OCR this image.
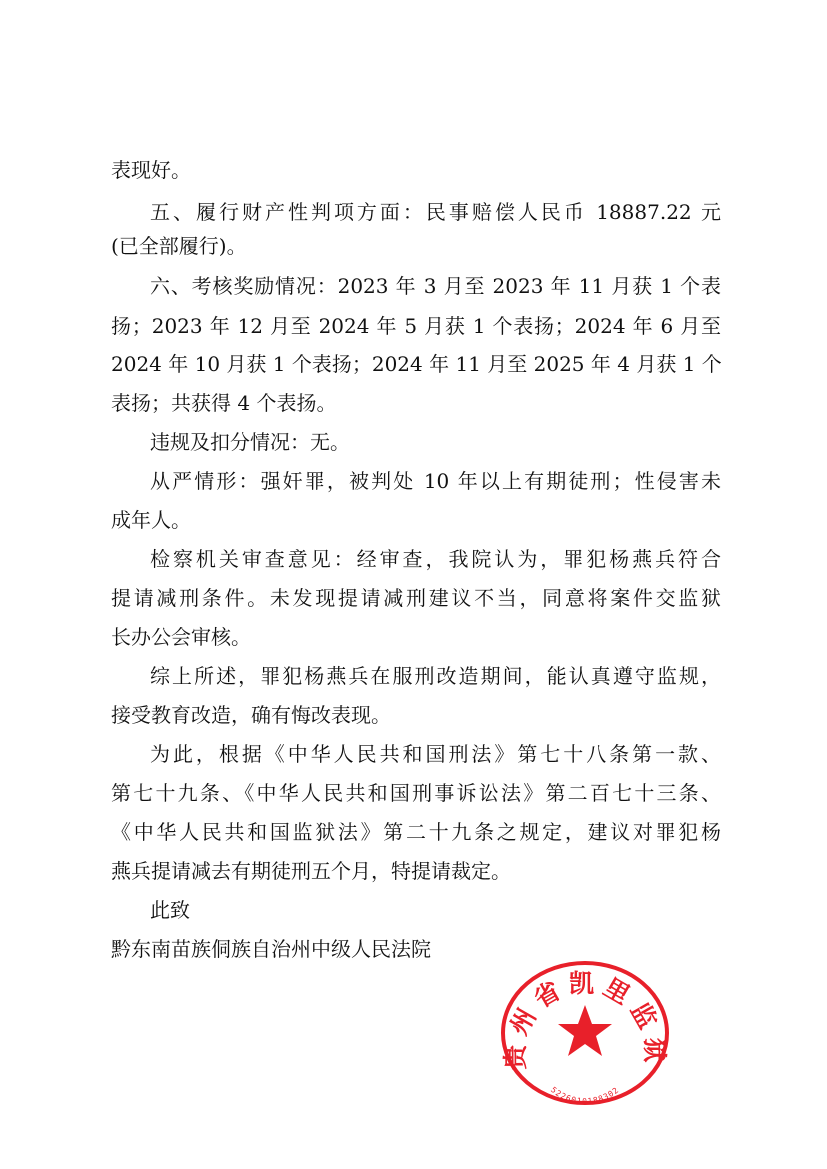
表现好。
五、履行财产性判项方面：民事赔偿人民币 18887.22 元
(已全部履行)。
六、考核奖励情况：2023 年 3 月至 2023 年 11 月获 1 个表
扬；2023 年 12 月至 2024 年 5 月获 1 个表扬；2024 年 6 月至
2024 年 10 月获 1 个表扬；2024 年 11 月至 2025 年 4 月获 1 个
表扬；共获得 4 个表扬。
违规及扣分情况：无。
从严情形：强奸罪，被判处 10 年以上有期徒刑；性侵害未
成年人。
检察机关审查意见：经审查，我院认为，罪犯杨燕兵符合
提请减刑条件。未发现提请减刑建议不当，同意将案件交监狱
长办公会审核。
综上所述，罪犯杨燕兵在服刑改造期间，能认真遵守监规，
接受教育改造，确有悔改表现。
为此，根据《中华人民共和国刑法》第七十八条第一款、
第七十九条、《中华人民共和国刑事诉讼法》第二百七十三条、
《中华人民共和国监狱法》第二十九条之规定，建议对罪犯杨
燕兵提请减去有期徒刑五个月，特提请裁定。
此致
黔东南苗族侗族自治州中级人民法院
贵州省凯里监狱
5226010188302
